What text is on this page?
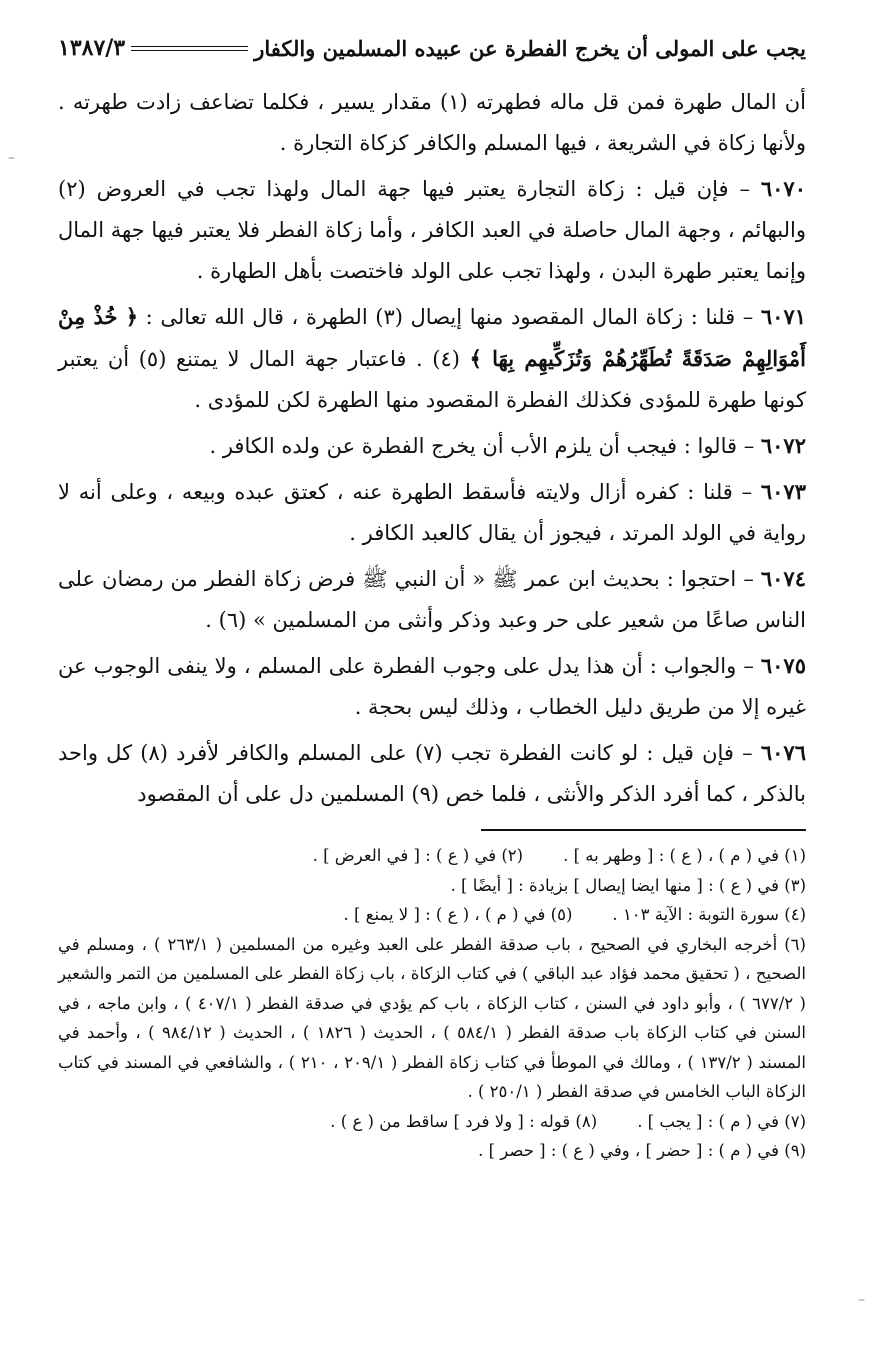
–
–
يجب على المولى أن يخرج الفطرة عن عبيده المسلمين والكفار
١٣٨٧/٣

أن المال طهرة فمن قل ماله فطهرته (١) مقدار يسير ، فكلما تضاعف زادت طهرته . ولأنها زكاة في الشريعة ، فيها المسلم والكافر كزكاة التجارة .

٦٠٧٠ – فإن قيل : زكاة التجارة يعتبر فيها جهة المال ولهذا تجب في العروض (٢) والبهائم ، وجهة المال حاصلة في العبد الكافر ، وأما زكاة الفطر فلا يعتبر فيها جهة المال وإنما يعتبر طهرة البدن ، ولهذا تجب على الولد فاختصت بأهل الطهارة .

٦٠٧١ – قلنا : زكاة المال المقصود منها إيصال (٣) الطهرة ، قال الله تعالى : ﴿ خُذْ مِنْ أَمْوَالِهِمْ صَدَقَةً تُطَهِّرُهُمْ وَتُزَكِّيهِم بِهَا ﴾ (٤) . فاعتبار جهة المال لا يمتنع (٥) أن يعتبر كونها طهرة للمؤدى فكذلك الفطرة المقصود منها الطهرة لكن للمؤدى .

٦٠٧٢ – قالوا : فيجب أن يلزم الأب أن يخرج الفطرة عن ولده الكافر .

٦٠٧٣ – قلنا : كفره أزال ولايته فأسقط الطهرة عنه ، كعتق عبده وبيعه ، وعلى أنه لا رواية في الولد المرتد ، فيجوز أن يقال كالعبد الكافر .

٦٠٧٤ – احتجوا : بحديث ابن عمر ﷺ « أن النبي ﷺ فرض زكاة الفطر من رمضان على الناس صاعًا من شعير على حر وعبد وذكر وأنثى من المسلمين » (٦) .

٦٠٧٥ – والجواب : أن هذا يدل على وجوب الفطرة على المسلم ، ولا ينفى الوجوب عن غيره إلا من طريق دليل الخطاب ، وذلك ليس بحجة .

٦٠٧٦ – فإن قيل : لو كانت الفطرة تجب (٧) على المسلم والكافر لأفرد (٨) كل واحد بالذكر ، كما أفرد الذكر والأنثى ، فلما خص (٩) المسلمين دل على أن المقصود

(١) في ( م ) ، ( ع ) : [ وطهر به ] .

(٢) في ( ع ) : [ في العرض ] .

(٣) في ( ع ) : [ منها ايضا إيصال ] بزيادة : [ أيضًا ] .

(٤) سورة التوبة : الآية ١٠٣ .

(٥) في ( م ) ، ( ع ) : [ لا يمنع ] .

(٦) أخرجه البخاري في الصحيح ، باب صدقة الفطر على العبد وغيره من المسلمين ( ٢٦٣/١ ) ، ومسلم في الصحيح ، ( تحقيق محمد فؤاد عبد الباقي ) في كتاب الزكاة ، باب زكاة الفطر على المسلمين من التمر والشعير ( ٦٧٧/٢ ) ، وأبو داود في السنن ، كتاب الزكاة ، باب كم يؤدي في صدقة الفطر ( ٤٠٧/١ ) ، وابن ماجه ، في السنن في كتاب الزكاة باب صدقة الفطر ( ٥٨٤/١ ) ، الحديث ( ١٨٢٦ ) ، الحديث ( ٩٨٤/١٢ ) ، وأحمد في المسند ( ١٣٧/٢ ) ، ومالك في الموطأ في كتاب زكاة الفطر ( ٢٠٩/١ ، ٢١٠ ) ، والشافعي في المسند في كتاب الزكاة الباب الخامس في صدقة الفطر ( ٢٥٠/١ ) .

(٧) في ( م ) : [ يجب ] .

(٨) قوله : [ ولا فرد ] ساقط من ( ع ) .

(٩) في ( م ) : [ حضر ] ، وفي ( ع ) : [ حصر ] .
